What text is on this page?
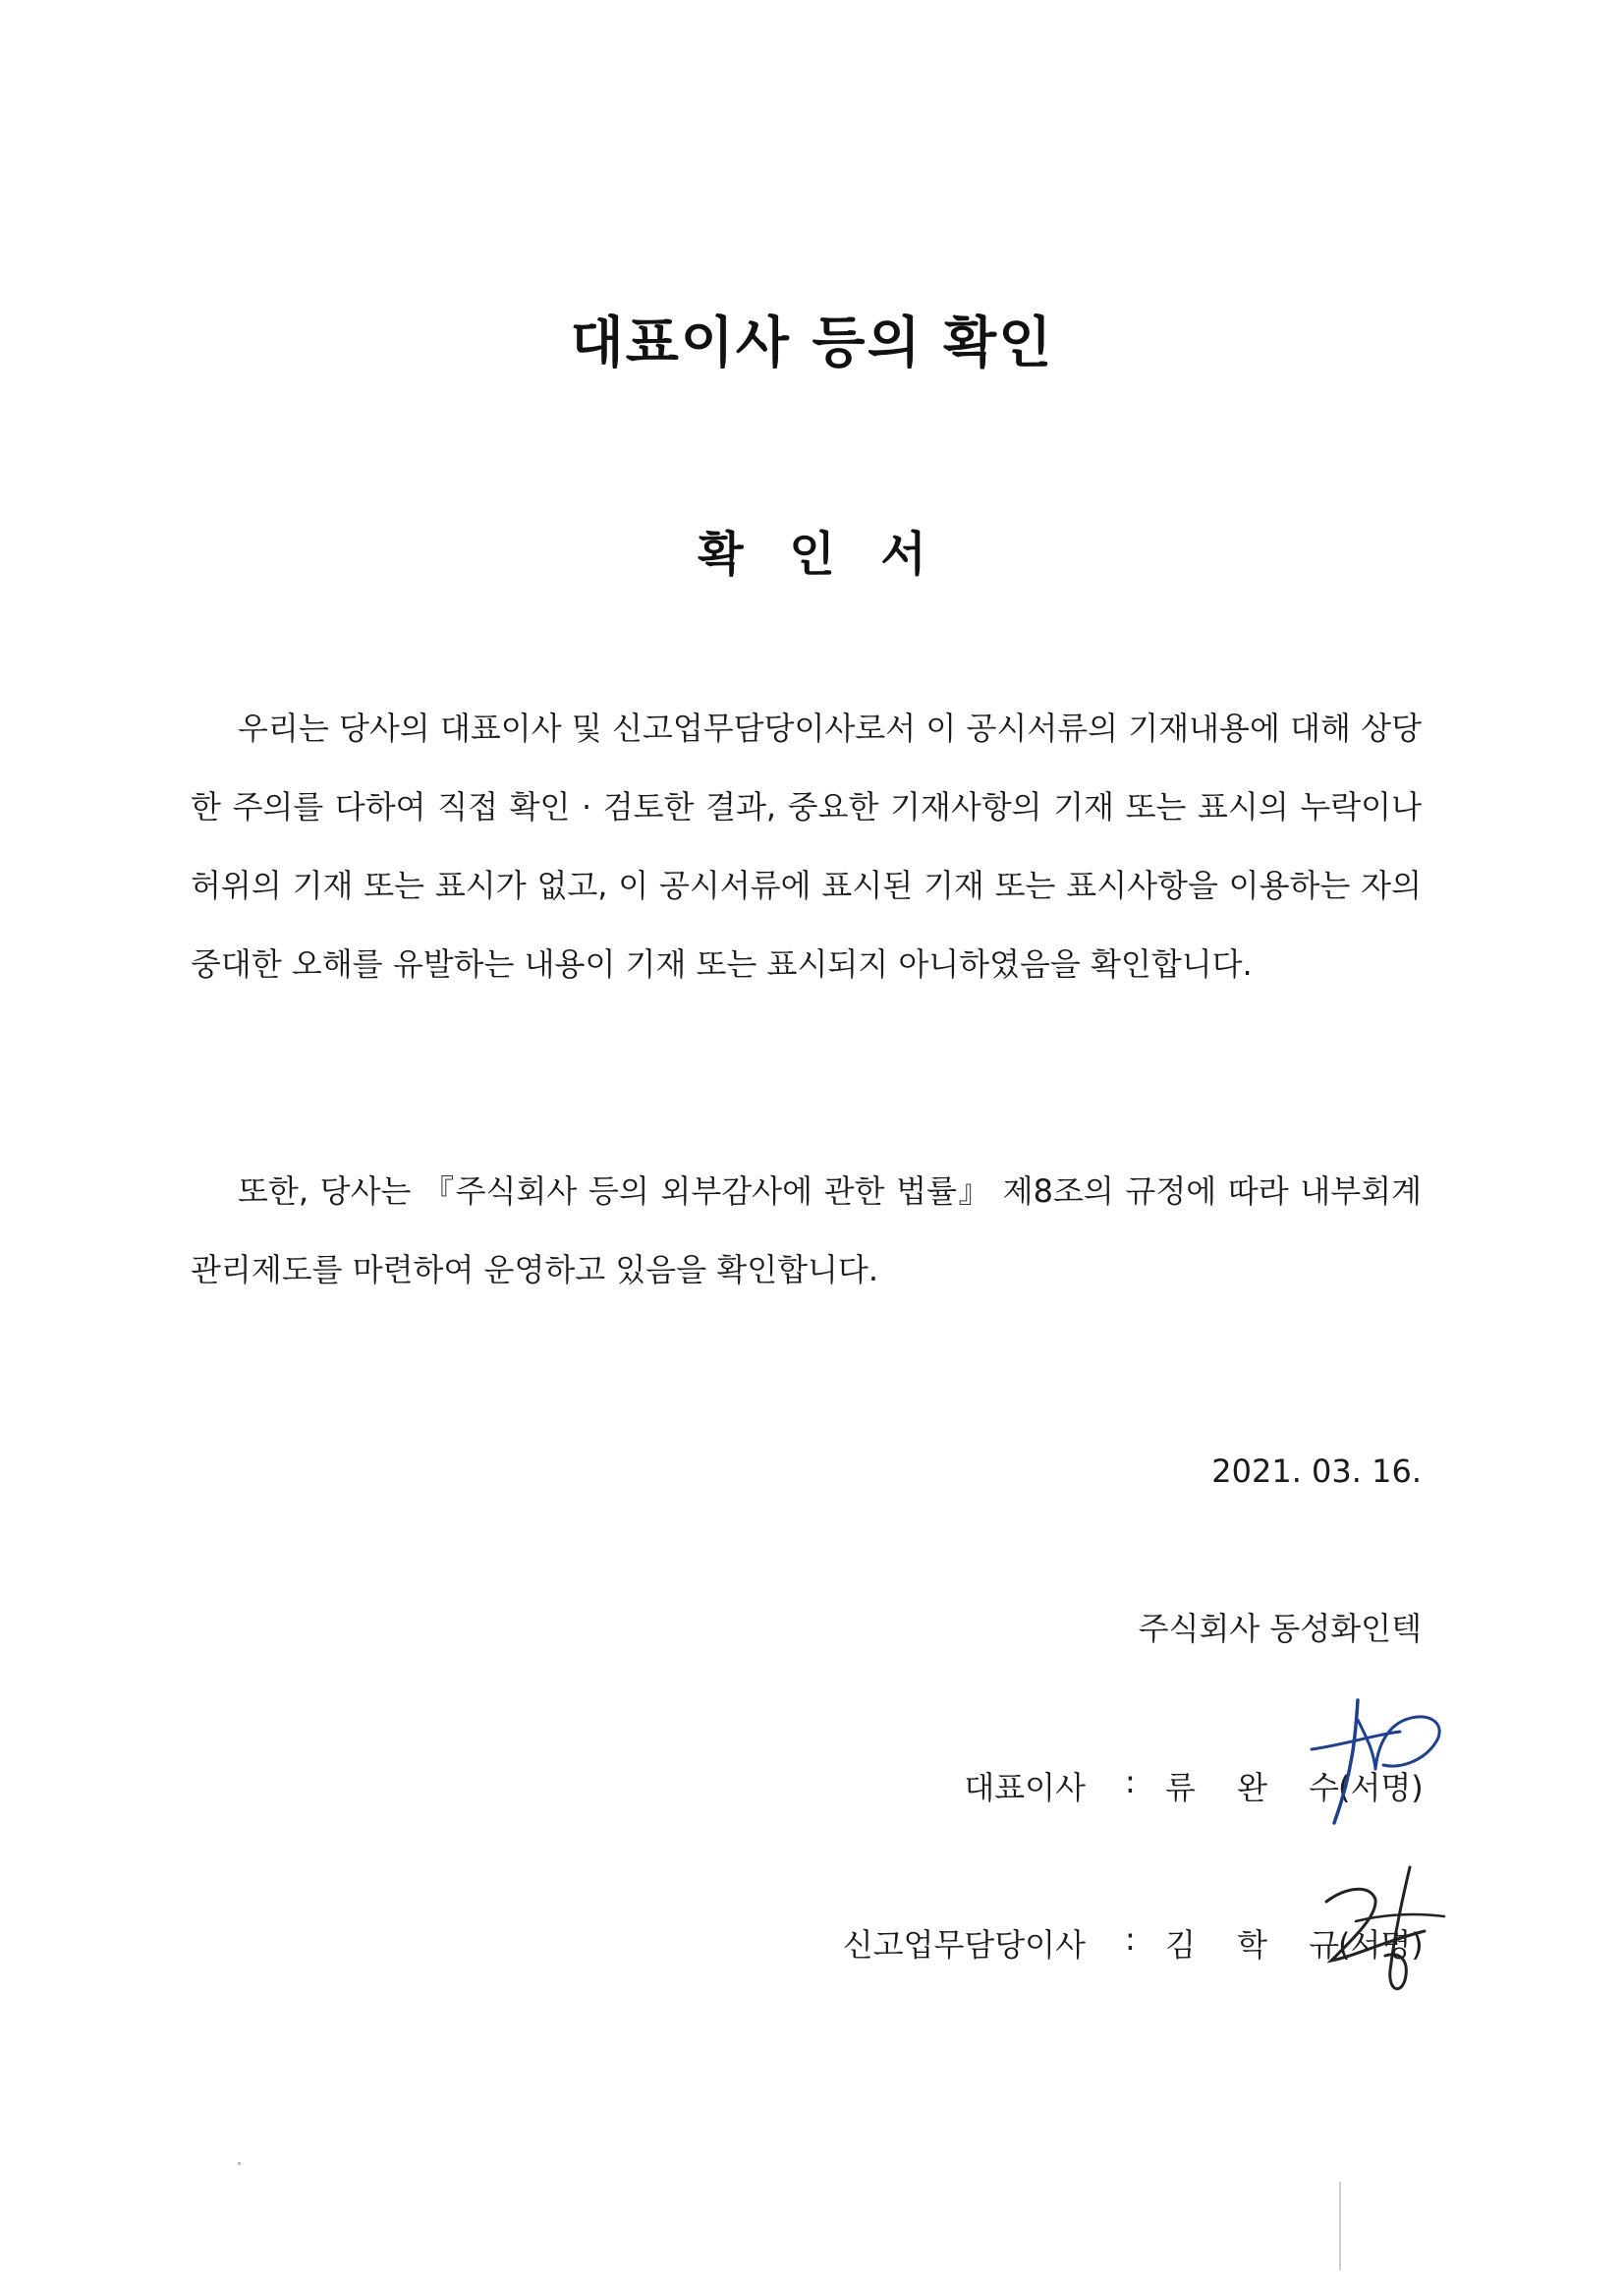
대표이사 등의 확인
확 인 서

우리는 당사의 대표이사 및 신고업무담당이사로서 이 공시서류의 기재내용에 대해 상당한 주의를 다하여 직접 확인 · 검토한 결과, 중요한 기재사항의 기재 또는 표시의 누락이나 허위의 기재 또는 표시가 없고, 이 공시서류에 표시된 기재 또는 표시사항을 이용하는 자의 중대한 오해를 유발하는 내용이 기재 또는 표시되지 아니하였음을 확인합니다.

또한, 당사는 『주식회사 등의 외부감사에 관한 법률』 제8조의 규정에 따라 내부회계관리제도를 마련하여 운영하고 있음을 확인합니다.

2021. 03. 16.
주식회사 동성화인텍
대표이사 : 류 완 수
(서명)
신고업무담당이사 : 김 학 규
(서명)
